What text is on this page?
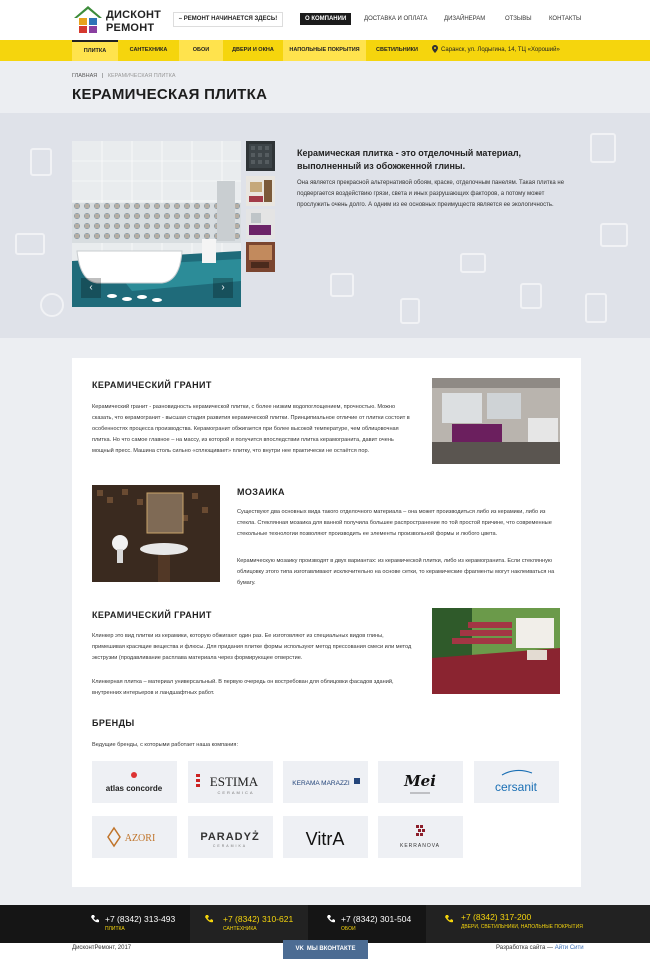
ДИСКОНТ
РЕМОНТ
– РЕМОНТ НАЧИНАЕТСЯ ЗДЕСЬ!	О КОМПАНИИ	ДОСТАВКА И ОПЛАТА	ДИЗАЙНЕРАМ	ОТЗЫВЫ	КОНТАКТЫ
ПЛИТКА	САНТЕХНИКА	ОБОИ	ДВЕРИ И ОКНА	НАПОЛЬНЫЕ ПОКРЫТИЯ	СВЕТИЛЬНИКИ	Саранск, ул. Лодыгина, 14, ТЦ «Хороший»
ГЛАВНАЯ | КЕРАМИЧЕСКАЯ ПЛИТКА
КЕРАМИЧЕСКАЯ ПЛИТКА
‹	›
Керамическая плитка - это отделочный материал, выполненный из обожженной глины.
Она является прекрасной альтернативой обоям, краске, отделочным панелям. Такая плитка не подвергается воздействию грязи, света и иных разрушающих факторов, а потому может прослужить очень долго. А одним из ее основных преимуществ является ее экологичность.
КЕРАМИЧЕСКИЙ ГРАНИТ
Керамический гранит - разновидность керамической плитки, с более низким водопоглощением, прочностью. Можно сказать, что керамогранит - высшая стадия развития керамической плитки. Принципиальное отличие от плитки состоит в особенностях процесса производства. Керамогранит обжигается при более высокой температуре, чем облицовочная плитка. Но что самое главное – на массу, из которой и получится впоследствии плитка керамогранита, давит очень мощный пресс. Машина столь сильно «сплющивает» плитку, что внутри нее практически не остаётся пор.
МОЗАИКА
Существуют два основных вида такого отделочного материала – она может производиться либо из керамики, либо из стекла. Стеклянная мозаика для ванной получила большее распространение по той простой причине, что современные стекольные технологии позволяют производить ее элементы произвольной формы и любого цвета.
Керамическую мозаику производят в двух вариантах: из керамической плитки, либо из керамогранита. Если стеклянную облицовку этого типа изготавливают исключительно на основе сетки, то керамические фрагменты могут наклеиваться на бумагу.
КЕРАМИЧЕСКИЙ ГРАНИТ
Клинкер это вид плитки из керамики, которую обжигают один раз. Ее изготовляют из специальных видов глины, примешивая красящие вещества и флюсы. Для придания плитке формы используют метод прессования смеси или метод экструзии (продавливание расплава материала через формирующее отверстие.
Клинкерная плитка – материал универсальный. В первую очередь он востребован для облицовки фасадов зданий, внутренних интерьеров и ландшафтных работ.
БРЕНДЫ
Ведущие бренды, с которыми работает наша компания:
atlas concorde	ESTIMA
CERAMICA
KERAMA MARAZZI	Mei	cersanit
AZORI	PARADYŻ
CERAMIKA	VitrA	KERRANOVA
+7 (8342) 313-493
ПЛИТКА
+7 (8342) 310-621
САНТЕХНИКА
+7 (8342) 301-504
ОБОИ
+7 (8342) 317-200
ДВЕРИ, СВЕТИЛЬНИКИ, НАПОЛЬНЫЕ ПОКРЫТИЯ
ДисконтРемонт, 2017	VK МЫ ВКОНТАКТЕ	Разработка сайта — Айти Сити
